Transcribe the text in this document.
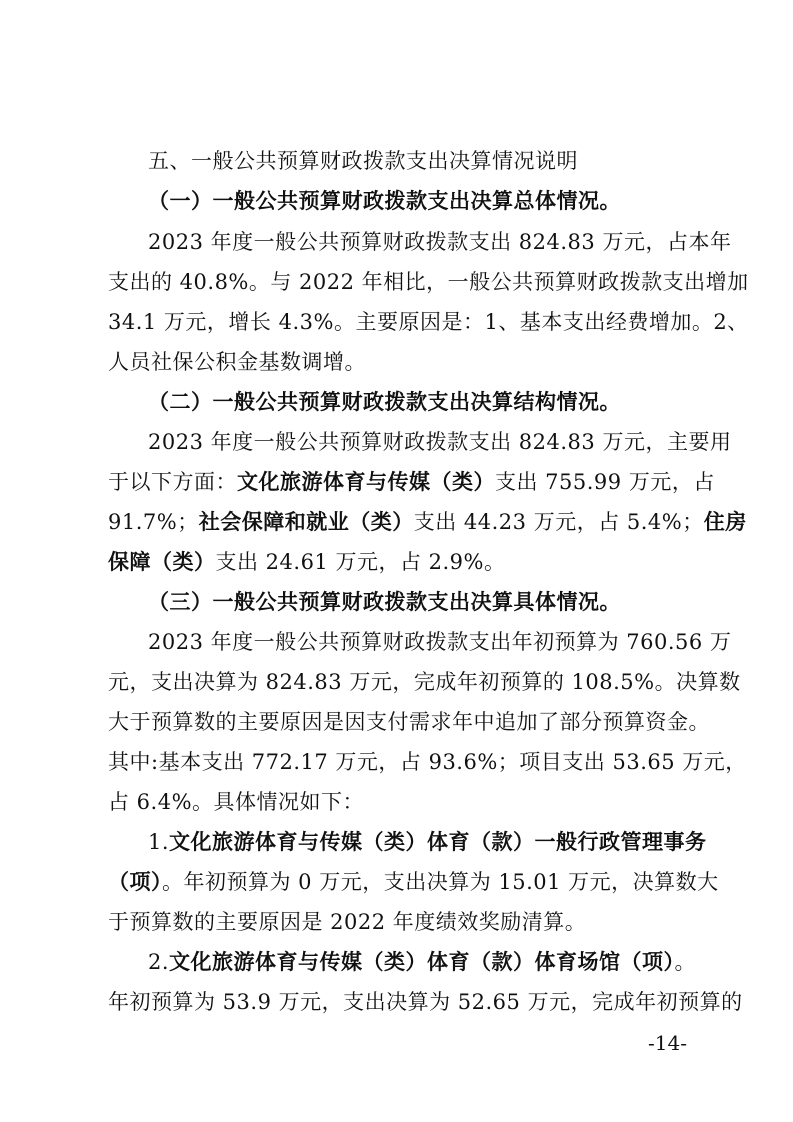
五、一般公共预算财政拨款支出决算情况说明
（一）一般公共预算财政拨款支出决算总体情况。
2023 年度一般公共预算财政拨款支出 824.83 万元，占本年
支出的 40.8%。与 2022 年相比，一般公共预算财政拨款支出增加
34.1 万元，增长 4.3%。主要原因是：1、基本支出经费增加。2、
人员社保公积金基数调增。
（二）一般公共预算财政拨款支出决算结构情况。
2023 年度一般公共预算财政拨款支出 824.83 万元，主要用
于以下方面：文化旅游体育与传媒（类）支出 755.99 万元，占
91.7%；社会保障和就业（类）支出 44.23 万元，占 5.4%；住房
保障（类）支出 24.61 万元，占 2.9%。
（三）一般公共预算财政拨款支出决算具体情况。
2023 年度一般公共预算财政拨款支出年初预算为 760.56 万
元，支出决算为 824.83 万元，完成年初预算的 108.5%。决算数
大于预算数的主要原因是因支付需求年中追加了部分预算资金。
其中:基本支出 772.17 万元，占 93.6%；项目支出 53.65 万元，
占 6.4%。具体情况如下：
1.文化旅游体育与传媒（类）体育（款）一般行政管理事务
（项）。年初预算为 0 万元，支出决算为 15.01 万元，决算数大
于预算数的主要原因是 2022 年度绩效奖励清算。
2.文化旅游体育与传媒（类）体育（款）体育场馆（项）。
年初预算为 53.9 万元，支出决算为 52.65 万元，完成年初预算的
-14-
